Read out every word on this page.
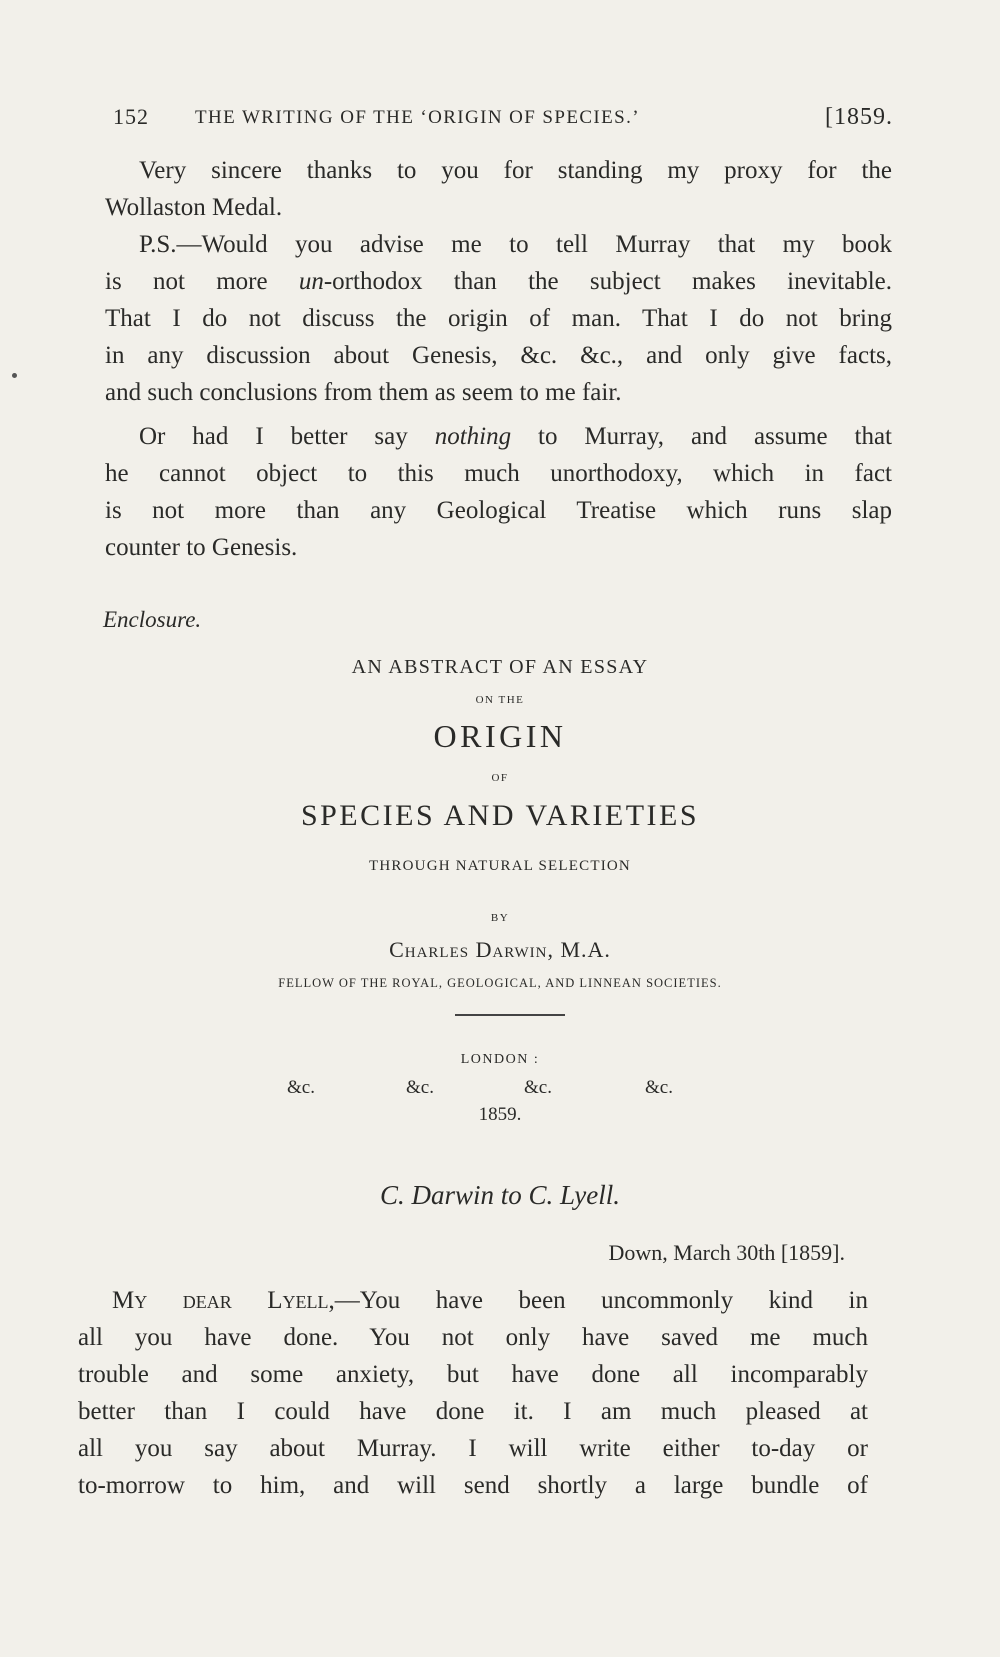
152 THE WRITING OF THE ‘ORIGIN OF SPECIES.’	[1859.
Very sincere thanks to you for standing my proxy for the
Wollaston Medal.
P.S.—Would you advise me to tell Murray that my book
is not more un-orthodox than the subject makes inevitable.
That I do not discuss the origin of man. That I do not bring
in any discussion about Genesis, &c. &c., and only give facts,
and such conclusions from them as seem to me fair.
Or had I better say nothing to Murray, and assume that
he cannot object to this much unorthodoxy, which in fact
is not more than any Geological Treatise which runs slap
counter to Genesis.
Enclosure.
AN ABSTRACT OF AN ESSAY
ON THE
ORIGIN
OF
SPECIES AND VARIETIES
THROUGH NATURAL SELECTION
BY
Charles Darwin, M.A.
FELLOW OF THE ROYAL, GEOLOGICAL, AND LINNEAN SOCIETIES.
LONDON :
&c.	&c.	&c.	&c.
1859.
C. Darwin to C. Lyell.
Down, March 30th [1859].
My dear Lyell,—You have been uncommonly kind in
all you have done. You not only have saved me much
trouble and some anxiety, but have done all incomparably
better than I could have done it. I am much pleased at
all you say about Murray. I will write either to-day or
to-morrow to him, and will send shortly a large bundle of
